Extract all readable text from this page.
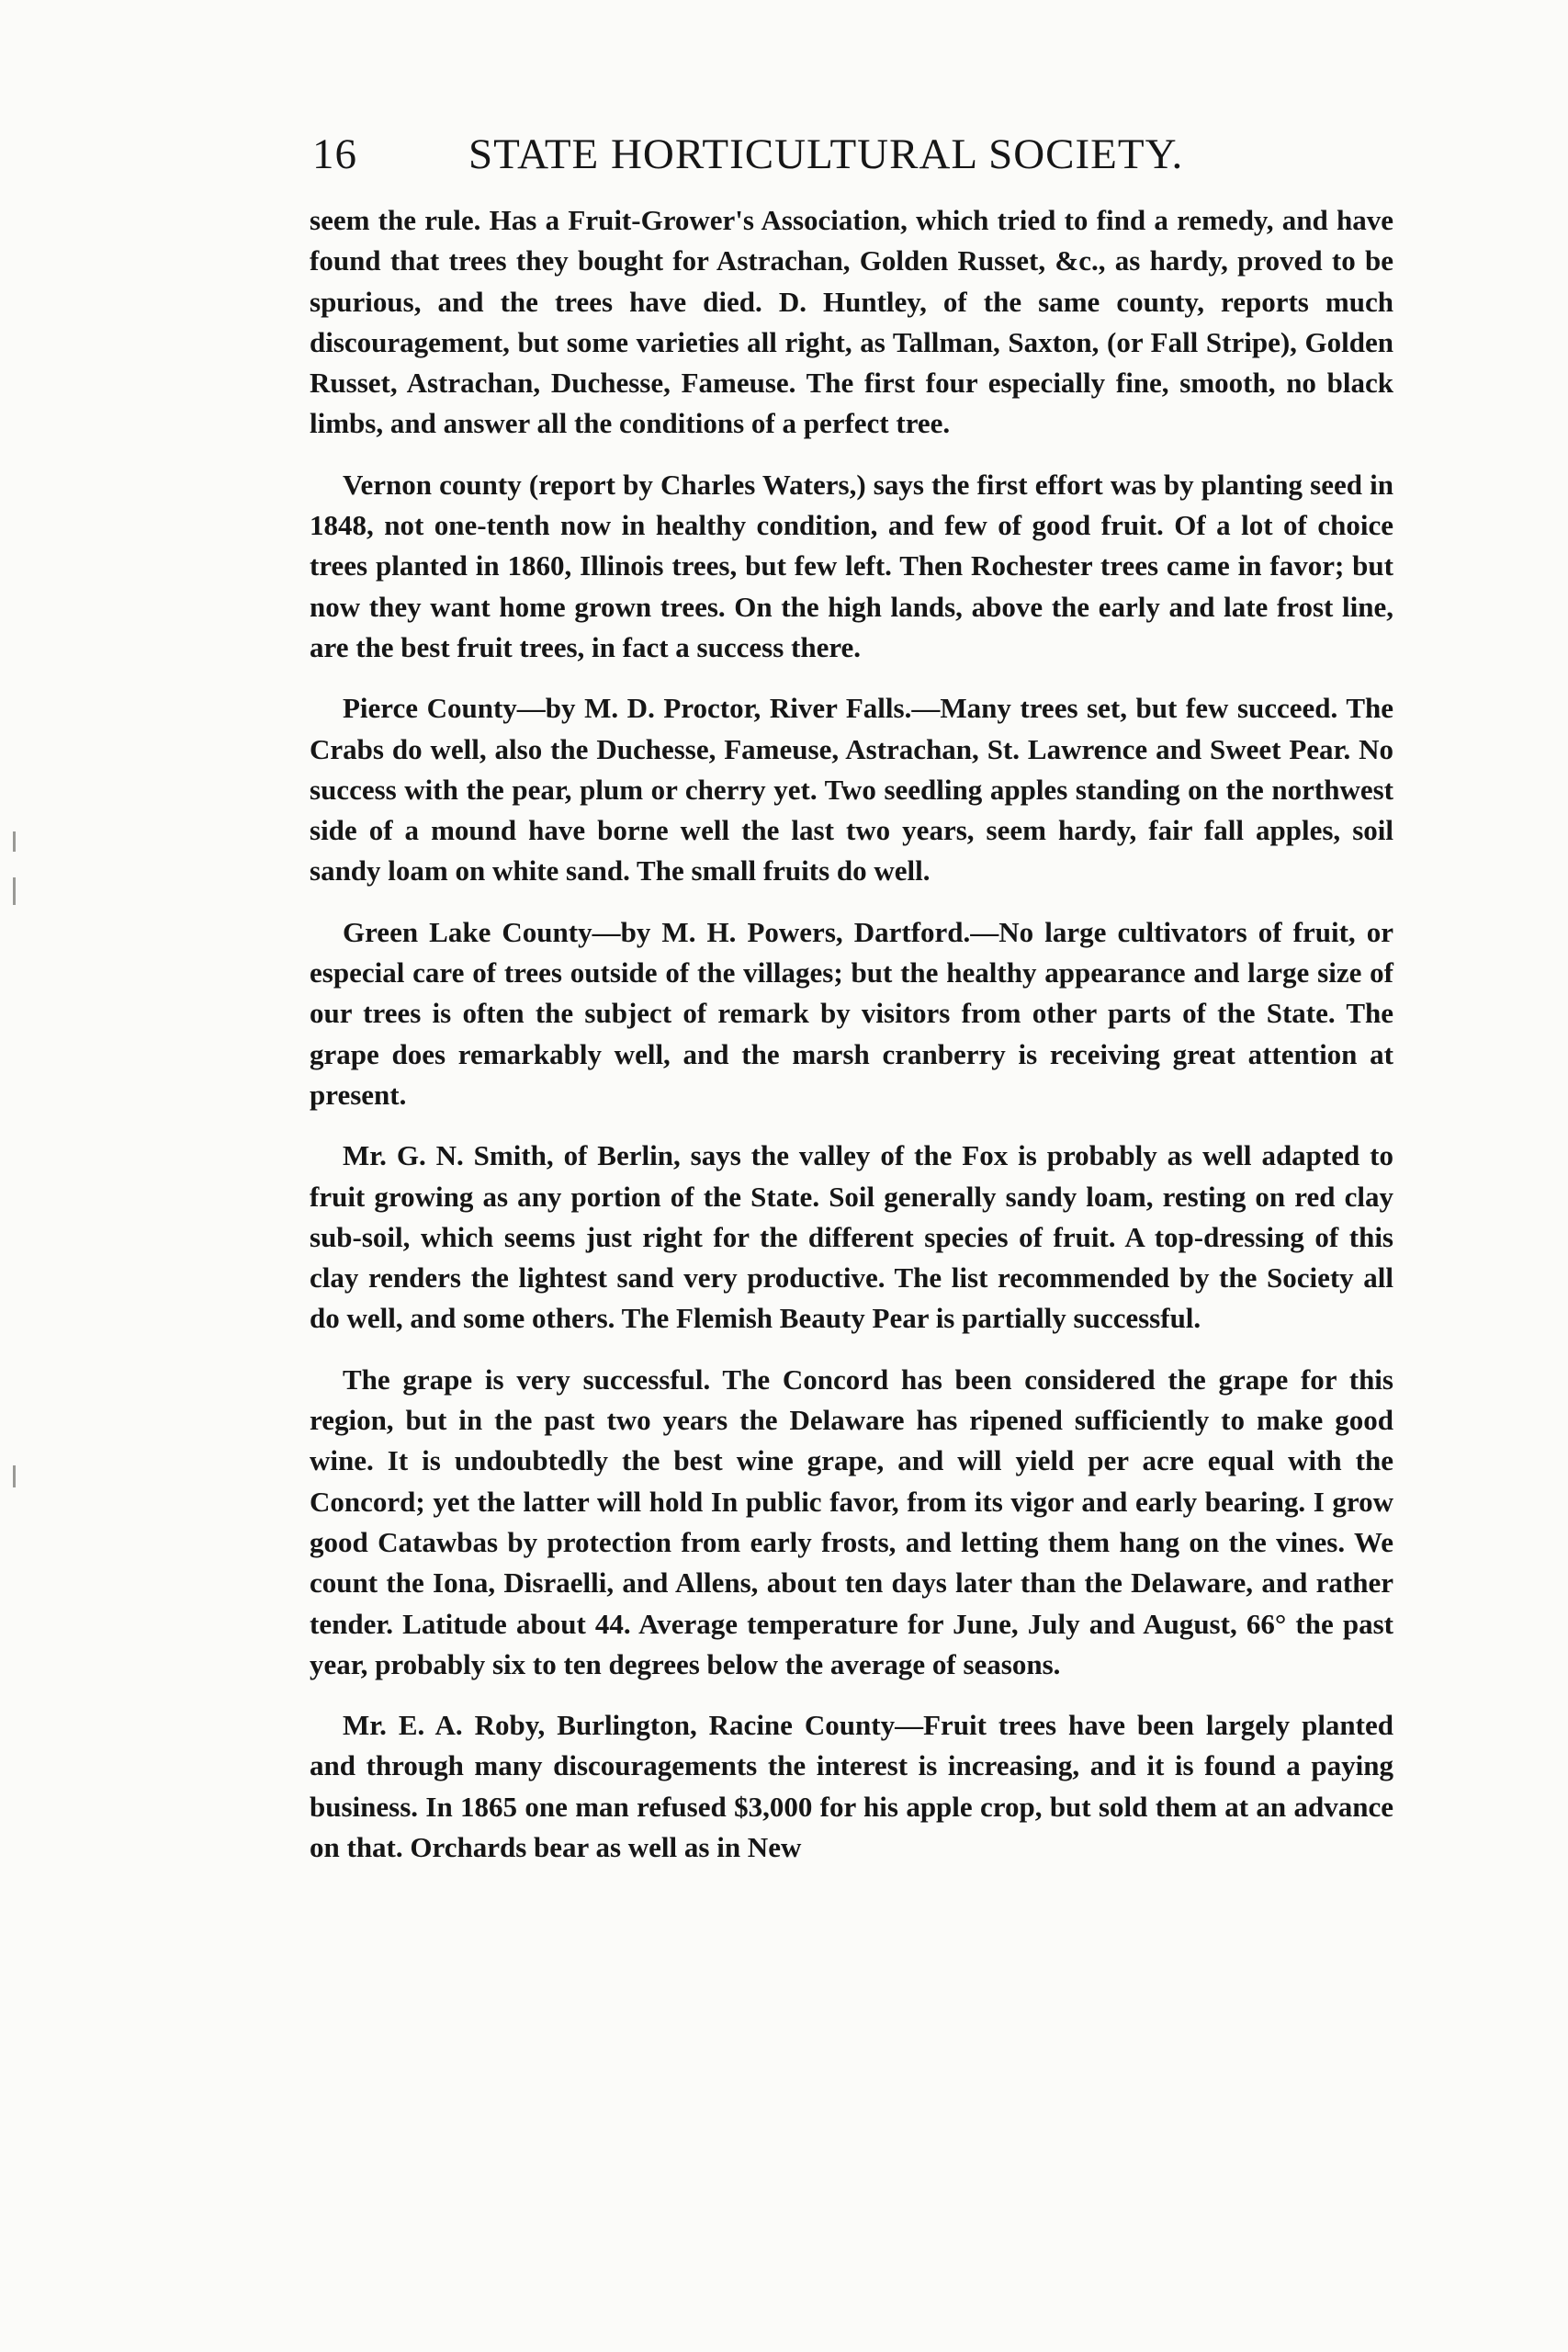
16	STATE HORTICULTURAL SOCIETY.

seem the rule. Has a Fruit-Grower's Association, which tried to find a remedy, and have found that trees they bought for Astrachan, Golden Russet, &c., as hardy, proved to be spurious, and the trees have died. D. Huntley, of the same county, reports much discouragement, but some varieties all right, as Tallman, Saxton, (or Fall Stripe), Golden Russet, Astrachan, Duchesse, Fameuse. The first four especially fine, smooth, no black limbs, and answer all the conditions of a perfect tree.

Vernon county (report by Charles Waters,) says the first effort was by planting seed in 1848, not one-tenth now in healthy condition, and few of good fruit. Of a lot of choice trees planted in 1860, Illinois trees, but few left. Then Rochester trees came in favor; but now they want home grown trees. On the high lands, above the early and late frost line, are the best fruit trees, in fact a success there.

Pierce County—by M. D. Proctor, River Falls.—Many trees set, but few succeed. The Crabs do well, also the Duchesse, Fameuse, Astrachan, St. Lawrence and Sweet Pear. No success with the pear, plum or cherry yet. Two seedling apples standing on the northwest side of a mound have borne well the last two years, seem hardy, fair fall apples, soil sandy loam on white sand. The small fruits do well.

Green Lake County—by M. H. Powers, Dartford.—No large cultivators of fruit, or especial care of trees outside of the villages; but the healthy appearance and large size of our trees is often the subject of remark by visitors from other parts of the State. The grape does remarkably well, and the marsh cranberry is receiving great attention at present.

Mr. G. N. Smith, of Berlin, says the valley of the Fox is probably as well adapted to fruit growing as any portion of the State. Soil generally sandy loam, resting on red clay sub-soil, which seems just right for the different species of fruit. A top-dressing of this clay renders the lightest sand very productive. The list recommended by the Society all do well, and some others. The Flemish Beauty Pear is partially successful.

The grape is very successful. The Concord has been considered the grape for this region, but in the past two years the Delaware has ripened sufficiently to make good wine. It is undoubtedly the best wine grape, and will yield per acre equal with the Concord; yet the latter will hold In public favor, from its vigor and early bearing. I grow good Catawbas by protection from early frosts, and letting them hang on the vines. We count the Iona, Disraelli, and Allens, about ten days later than the Delaware, and rather tender. Latitude about 44. Average temperature for June, July and August, 66° the past year, probably six to ten degrees below the average of seasons.

Mr. E. A. Roby, Burlington, Racine County—Fruit trees have been largely planted and through many discouragements the interest is increasing, and it is found a paying business. In 1865 one man refused $3,000 for his apple crop, but sold them at an advance on that. Orchards bear as well as in New
